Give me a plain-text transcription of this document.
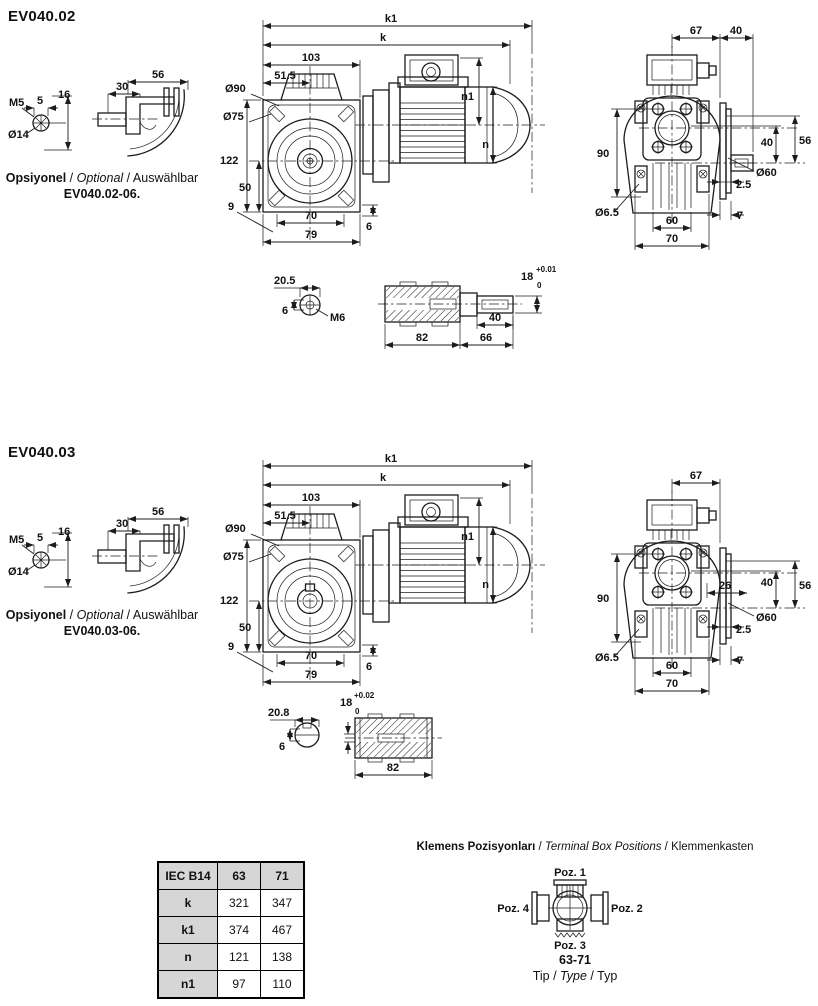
EV040.02
M5 5 16
Ø14
56
30
Opsiyonel / Optional / Auswählbar
EV040.02-06.
k1
k
103
51.5
Ø90
Ø75
122
50
9
70
6
79
n1
n
67	40
56
40
Ø60
2.5
7
90
Ø6.5
60
70
20.5
6
M6	40
82	66
18
+0.01
0
EV040.03
M5 5 16
Ø14
56
30
Opsiyonel / Optional / Auswählbar
EV040.03-06.
k1
k
103
51.5
Ø90
Ø75
122
50
9
70
6
79
n1
n
67
26	56
40
Ø60
2.5
7
90
Ø6.5
60
70
20.8
6
18
+0.02
0
82
IEC B14	63	71
k	321	347
k1	374	467
n	121	138
n1	97	110
Klemens Pozisyonları / Terminal Box Positions / Klemmenkasten
Poz. 1
Poz. 2
Poz. 3
Poz. 4
63-71
Tip / Type / Typ
